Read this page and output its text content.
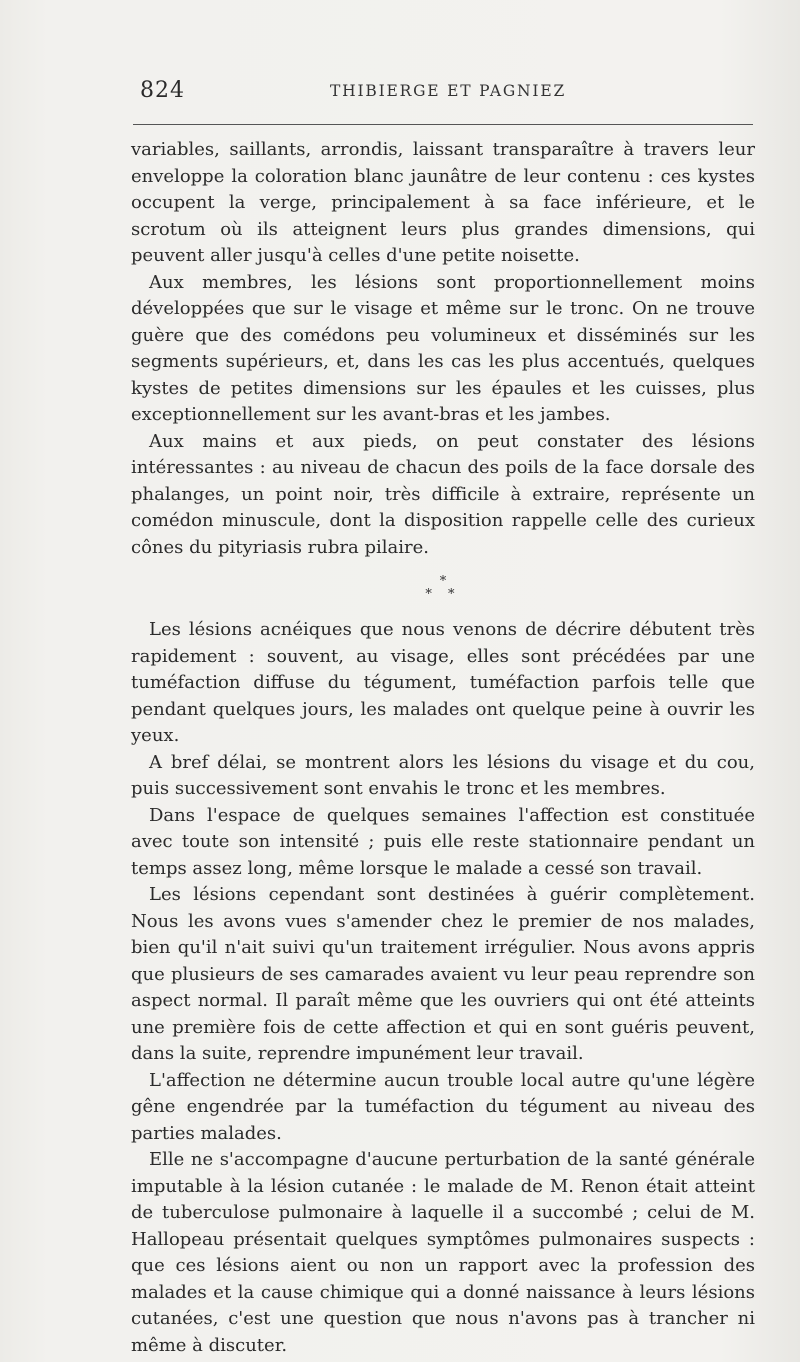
824	THIBIERGE ET PAGNIEZ

variables, saillants, arrondis, laissant transparaître à travers leur enveloppe la coloration blanc jaunâtre de leur contenu : ces kystes occupent la verge, principalement à sa face inférieure, et le scrotum où ils atteignent leurs plus grandes dimensions, qui peuvent aller jusqu'à celles d'une petite noisette.

Aux membres, les lésions sont proportionnellement moins développées que sur le visage et même sur le tronc. On ne trouve guère que des comédons peu volumineux et disséminés sur les segments supérieurs, et, dans les cas les plus accentués, quelques kystes de petites dimensions sur les épaules et les cuisses, plus exceptionnellement sur les avant-bras et les jambes.

Aux mains et aux pieds, on peut constater des lésions intéressantes : au niveau de chacun des poils de la face dorsale des phalanges, un point noir, très difficile à extraire, représente un comédon minuscule, dont la disposition rappelle celle des curieux cônes du pityriasis rubra pilaire.

*
* *

Les lésions acnéiques que nous venons de décrire débutent très rapidement : souvent, au visage, elles sont précédées par une tuméfaction diffuse du tégument, tuméfaction parfois telle que pendant quelques jours, les malades ont quelque peine à ouvrir les yeux.

A bref délai, se montrent alors les lésions du visage et du cou, puis successivement sont envahis le tronc et les membres.

Dans l'espace de quelques semaines l'affection est constituée avec toute son intensité ; puis elle reste stationnaire pendant un temps assez long, même lorsque le malade a cessé son travail.

Les lésions cependant sont destinées à guérir complètement. Nous les avons vues s'amender chez le premier de nos malades, bien qu'il n'ait suivi qu'un traitement irrégulier. Nous avons appris que plusieurs de ses camarades avaient vu leur peau reprendre son aspect normal. Il paraît même que les ouvriers qui ont été atteints une première fois de cette affection et qui en sont guéris peuvent, dans la suite, reprendre impunément leur travail.

L'affection ne détermine aucun trouble local autre qu'une légère gêne engendrée par la tuméfaction du tégument au niveau des parties malades.

Elle ne s'accompagne d'aucune perturbation de la santé générale imputable à la lésion cutanée : le malade de M. Renon était atteint de tuberculose pulmonaire à laquelle il a succombé ; celui de M. Hallopeau présentait quelques symptômes pulmonaires suspects : que ces lésions aient ou non un rapport avec la profession des malades et la cause chimique qui a donné naissance à leurs lésions cutanées, c'est une question que nous n'avons pas à trancher ni même à discuter.
